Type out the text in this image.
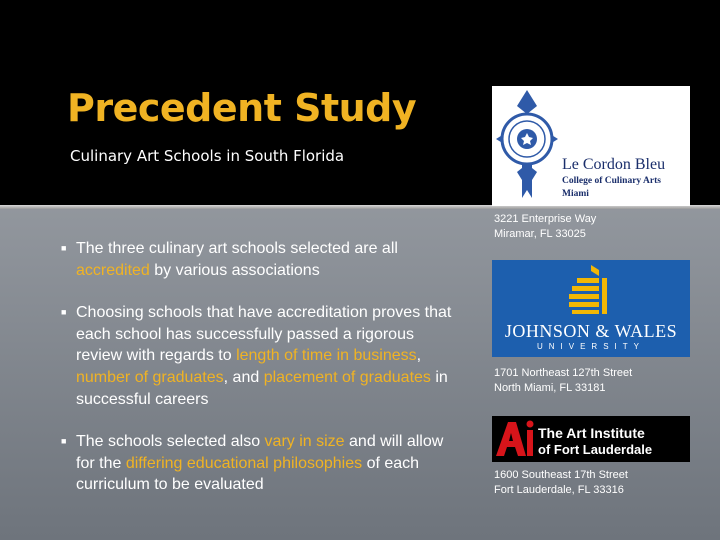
Precedent Study
Culinary Art Schools in South Florida
■ The three culinary art schools selected are all accredited by various associations
■ Choosing schools that have accreditation proves that each school has successfully passed a rigorous review with regards to length of time in business, number of graduates, and placement of graduates in successful careers
■ The schools selected also vary in size and will allow for the differing educational philosophies of each curriculum to be evaluated
Le Cordon Bleu
College of Culinary Arts
Miami
3221 Enterprise Way
Miramar, FL 33025
JOHNSON & WALES
UNIVERSITY
1701 Northeast 127th Street
North Miami, FL 33181
The Art Institute
of Fort Lauderdale
1600 Southeast 17th Street
Fort Lauderdale, FL 33316
